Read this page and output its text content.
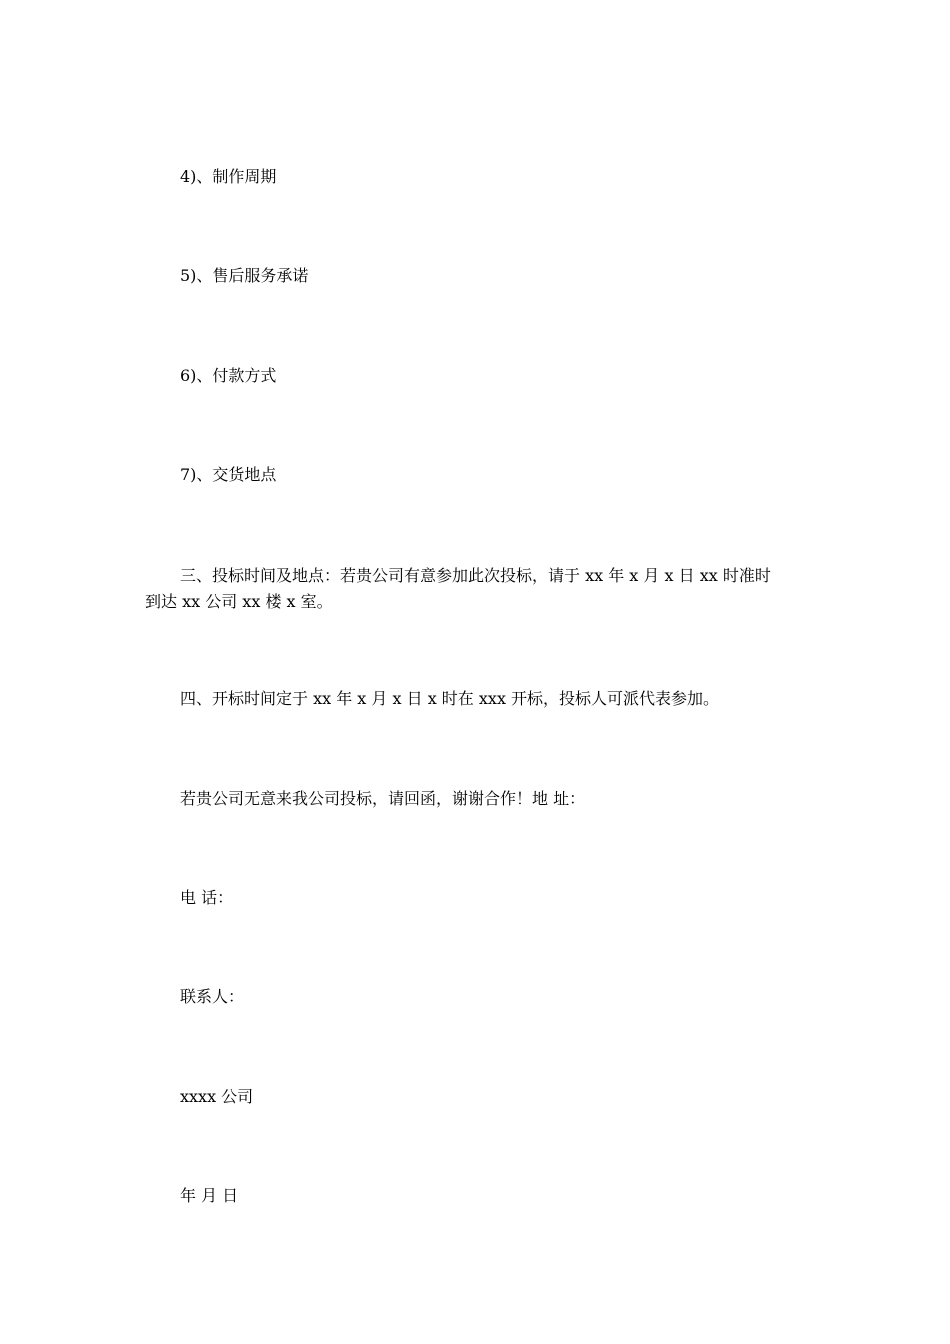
4)、制作周期

5)、售后服务承诺

6)、付款方式

7)、交货地点

三、投标时间及地点：若贵公司有意参加此次投标，请于 xx 年 x 月 x 日 xx 时准时
到达 xx 公司 xx 楼 x 室。

四、开标时间定于 xx 年 x 月 x 日 x 时在 xxx 开标，投标人可派代表参加。

若贵公司无意来我公司投标，请回函，谢谢合作！地 址：

电 话：

联系人：

xxxx 公司

年 月 日
